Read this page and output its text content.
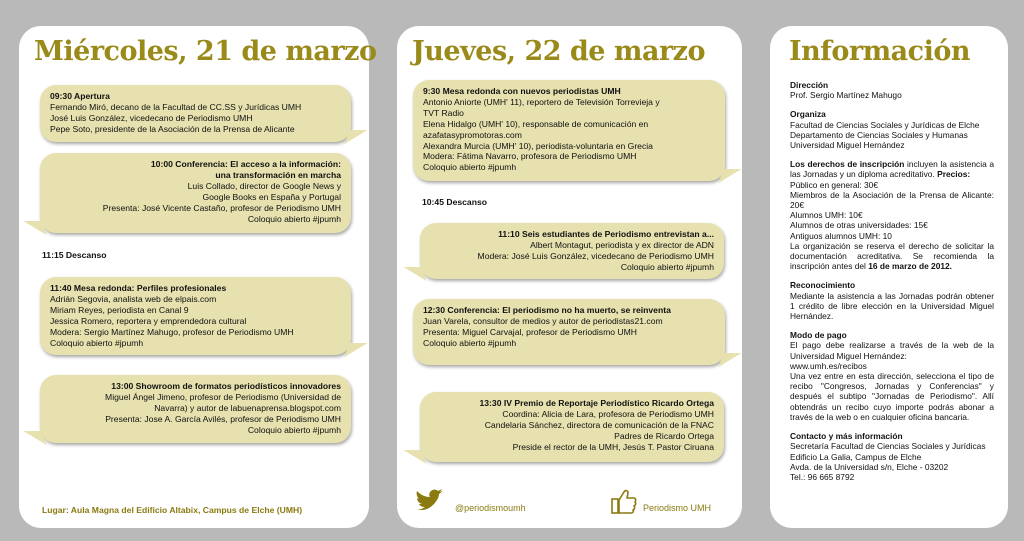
Miércoles, 21 de marzo
09:30 Apertura
Fernando Miró, decano de la Facultad de CC.SS y Jurídicas UMH
José Luis González, vicedecano de Periodismo UMH
Pepe Soto, presidente de la Asociación de la Prensa de Alicante
10:00 Conferencia: El acceso a la información:
una transformación en marcha
Luis Collado, director de Google News y
Google Books en España y Portugal
Presenta: José Vicente Castaño, profesor de Periodismo UMH
Coloquio abierto #jpumh
11:15 Descanso
11:40 Mesa redonda: Perfiles profesionales
Adrián Segovia, analista web de elpais.com
Miriam Reyes, periodista en Canal 9
Jessica Romero, reportera y emprendedora cultural
Modera: Sergio Martínez Mahugo, profesor de Periodismo UMH
Coloquio abierto #jpumh
13:00 Showroom de formatos periodísticos innovadores
Miguel Ángel Jimeno, profesor de Periodismo (Universidad de
Navarra) y autor de labuenaprensa.blogspot.com
Presenta: Jose A. García Avilés, profesor de Periodismo UMH
Coloquio abierto #jpumh
Lugar: Aula Magna del Edificio Altabix, Campus de Elche (UMH)
Jueves, 22 de marzo
9:30 Mesa redonda con nuevos periodistas UMH
Antonio Aniorte (UMH' 11), reportero de Televisión Torrevieja y
TVT Radio
Elena Hidalgo (UMH' 10), responsable de comunicación en
azafatasypromotoras.com
Alexandra Murcia (UMH' 10), periodista-voluntaria en Grecia
Modera: Fátima Navarro, profesora de Periodismo UMH
Coloquio abierto #jpumh
10:45 Descanso
11:10 Seis estudiantes de Periodismo entrevistan a...
Albert Montagut, periodista y ex director de ADN
Modera: José Luis González, vicedecano de Periodismo UMH
Coloquio abierto #jpumh
12:30 Conferencia: El periodismo no ha muerto, se reinventa
Juan Varela, consultor de medios y autor de periodistas21.com
Presenta: Miguel Carvajal, profesor de Periodismo UMH
Coloquio abierto #jpumh
13:30 IV Premio de Reportaje Periodístico Ricardo Ortega
Coordina: Alicia de Lara, profesora de Periodismo UMH
Candelaria Sánchez, directora de comunicación de la FNAC
Padres de Ricardo Ortega
Preside el rector de la UMH, Jesús T. Pastor Ciruana
@periodismoumh	Periodismo UMH
Información

Dirección
Prof. Sergio Martínez Mahugo

Organiza
Facultad de Ciencias Sociales y Jurídicas de Elche
Departamento de Ciencias Sociales y Humanas
Universidad Miguel Hernández

Los derechos de inscripción incluyen la asistencia a las Jornadas y un diploma acreditativo. Precios:
Público en general: 30€
Miembros de la Asociación de la Prensa de Alicante: 20€
Alumnos UMH: 10€
Alumnos de otras universidades: 15€
Antiguos alumnos UMH: 10
La organización se reserva el derecho de solicitar la documentación acreditativa. Se recomienda la inscripción antes del 16 de marzo de 2012.

Reconocimiento
Mediante la asistencia a las Jornadas podrán obtener 1 crédito de libre elección en la Universidad Miguel Hernández.

Modo de pago
El pago debe realizarse a través de la web de la Universidad Miguel Hernández:
www.umh.es/recibos
Una vez entre en esta dirección, selecciona el tipo de recibo "Congresos, Jornadas y Conferencias" y después el subtipo "Jornadas de Periodismo". Allí obtendrás un recibo cuyo importe podrás abonar a través de la web o en cualquier oficina bancaria.

Contacto y más información
Secretaría Facultad de Ciencias Sociales y Jurídicas
Edificio La Galia, Campus de Elche
Avda. de la Universidad s/n, Elche - 03202
Tel.: 96 665 8792
